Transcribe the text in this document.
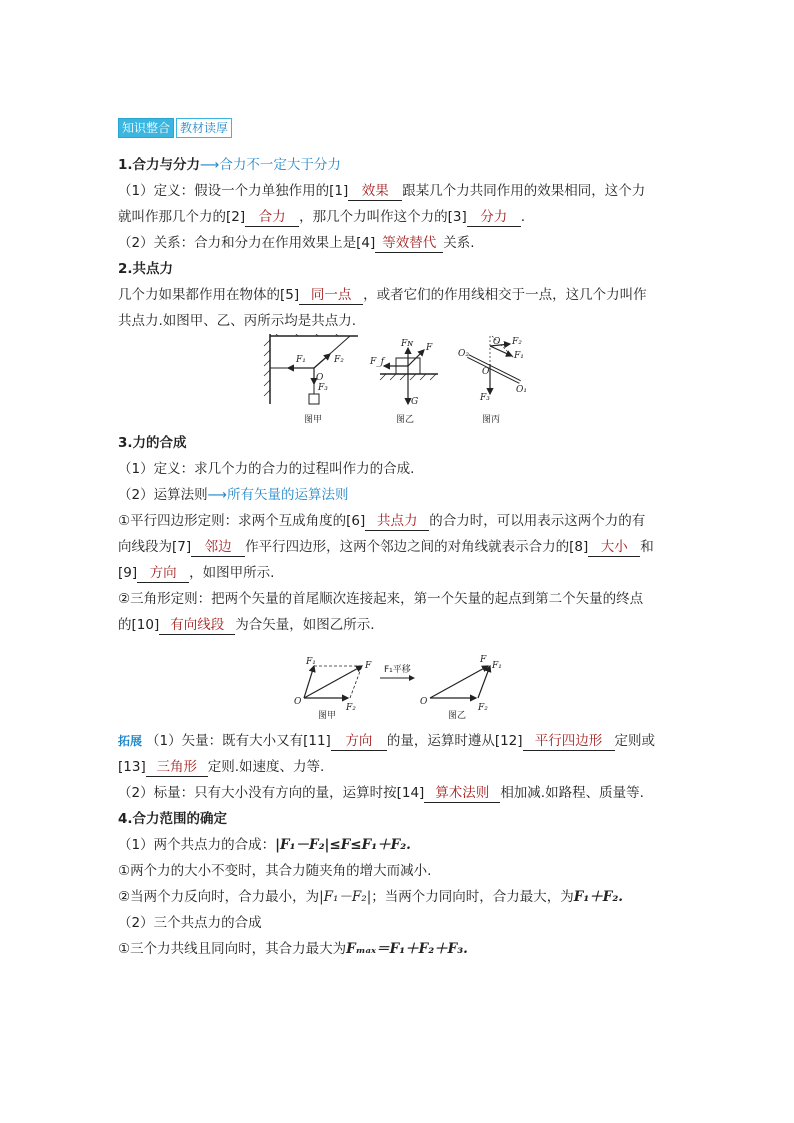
知识整合 教材读厚
1.合力与分力⟶合力不一定大于分力
（1）定义：假设一个力单独作用的[1] 效果 跟某几个力共同作用的效果相同，这个力
就叫作那几个力的[2] 合力 ，那几个力叫作这个力的[3] 分力 .
（2）关系：合力和分力在作用效果上是[4] 等效替代 关系.
2.共点力
几个力如果都作用在物体的[5] 同一点 ，或者它们的作用线相交于一点，这几个力叫作
共点力.如图甲、乙、丙所示均是共点力.
F₁	F₂
O
F₃
图甲
Fɴ F
F_f
G
图乙
O F₂
F₁
O₂
O
O₁
F₃
图丙
3.力的合成
（1）定义：求几个力的合力的过程叫作力的合成.
（2）运算法则⟶所有矢量的运算法则
①平行四边形定则：求两个互成角度的[6] 共点力 的合力时，可以用表示这两个力的有
向线段为[7] 邻边 作平行四边形，这两个邻边之间的对角线就表示合力的[8] 大小 和
[9] 方向 ，如图甲所示.
②三角形定则：把两个矢量的首尾顺次连接起来，第一个矢量的起点到第二个矢量的终点
的[10] 有向线段 为合矢量，如图乙所示.
F₁	F
O
F₂
图甲
F₁平移
O
F
F₁
F₂
图乙
拓展 （1）矢量：既有大小又有[11] 方向 的量，运算时遵从[12] 平行四边形 定则或
[13] 三角形 定则.如速度、力等.
（2）标量：只有大小没有方向的量，运算时按[14] 算术法则 相加减.如路程、质量等.
4.合力范围的确定
（1）两个共点力的合成：|F₁－F₂|≤F≤F₁＋F₂.
①两个力的大小不变时，其合力随夹角的增大而减小.
②当两个力反向时，合力最小，为|F₁－F₂|；当两个力同向时，合力最大，为F₁＋F₂.
（2）三个共点力的合成
①三个力共线且同向时，其合力最大为Fₘₐₓ＝F₁＋F₂＋F₃.
